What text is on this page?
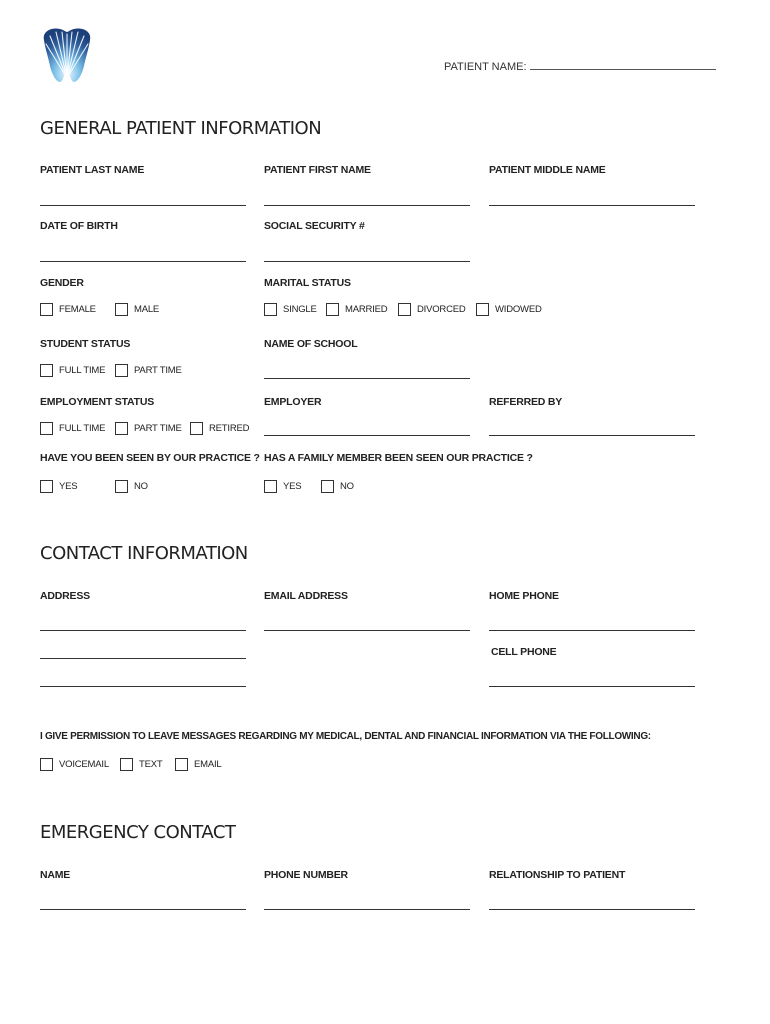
PATIENT NAME:
GENERAL PATIENT INFORMATION
PATIENT LAST NAME	PATIENT FIRST NAME	PATIENT MIDDLE NAME
DATE OF BIRTH	SOCIAL SECURITY #
GENDER	MARITAL STATUS
FEMALE	MALE	SINGLE	MARRIED	DIVORCED	WIDOWED
STUDENT STATUS	NAME OF SCHOOL
FULL TIME	PART TIME
EMPLOYMENT STATUS	EMPLOYER	REFERRED BY
FULL TIME	PART TIME	RETIRED
HAVE YOU BEEN SEEN BY OUR PRACTICE ? HAS A FAMILY MEMBER BEEN SEEN OUR PRACTICE ?
YES	NO	YES	NO
CONTACT INFORMATION
ADDRESS	EMAIL ADDRESS	HOME PHONE
CELL PHONE
I GIVE PERMISSION TO LEAVE MESSAGES REGARDING MY MEDICAL, DENTAL AND FINANCIAL INFORMATION VIA THE FOLLOWING:
VOICEMAIL	TEXT	EMAIL
EMERGENCY CONTACT
NAME	PHONE NUMBER	RELATIONSHIP TO PATIENT
